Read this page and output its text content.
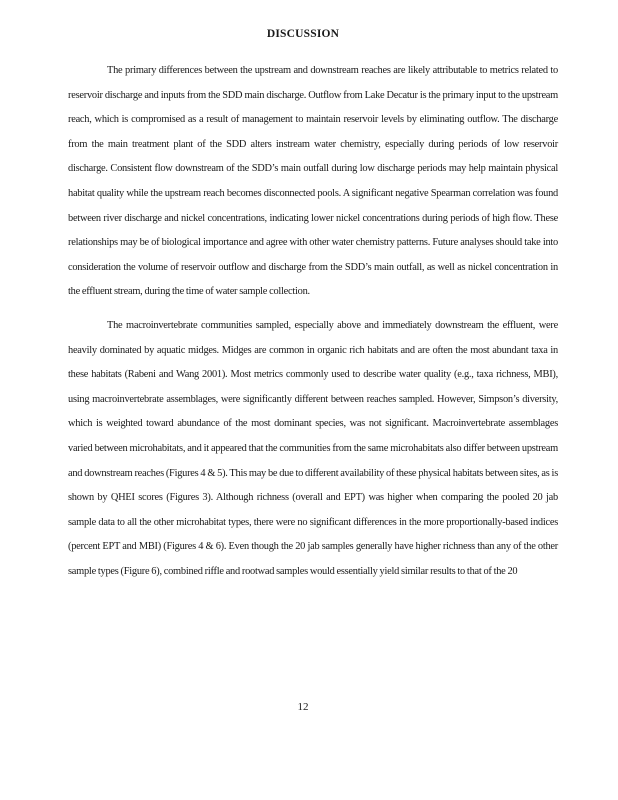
DISCUSSION

The primary differences between the upstream and downstream reaches are likely attributable to metrics related to reservoir discharge and inputs from the SDD main discharge. Outflow from Lake Decatur is the primary input to the upstream reach, which is compromised as a result of management to maintain reservoir levels by eliminating outflow. The discharge from the main treatment plant of the SDD alters instream water chemistry, especially during periods of low reservoir discharge. Consistent flow downstream of the SDD’s main outfall during low discharge periods may help maintain physical habitat quality while the upstream reach becomes disconnected pools. A significant negative Spearman correlation was found between river discharge and nickel concentrations, indicating lower nickel concentrations during periods of high flow. These relationships may be of biological importance and agree with other water chemistry patterns. Future analyses should take into consideration the volume of reservoir outflow and discharge from the SDD’s main outfall, as well as nickel concentration in the effluent stream, during the time of water sample collection.

The macroinvertebrate communities sampled, especially above and immediately downstream the effluent, were heavily dominated by aquatic midges. Midges are common in organic rich habitats and are often the most abundant taxa in these habitats (Rabeni and Wang 2001). Most metrics commonly used to describe water quality (e.g., taxa richness, MBI), using macroinvertebrate assemblages, were significantly different between reaches sampled. However, Simpson’s diversity, which is weighted toward abundance of the most dominant species, was not significant. Macroinvertebrate assemblages varied between microhabitats, and it appeared that the communities from the same microhabitats also differ between upstream and downstream reaches (Figures 4 & 5). This may be due to different availability of these physical habitats between sites, as is shown by QHEI scores (Figures 3). Although richness (overall and EPT) was higher when comparing the pooled 20 jab sample data to all the other microhabitat types, there were no significant differences in the more proportionally-based indices (percent EPT and MBI) (Figures 4 & 6). Even though the 20 jab samples generally have higher richness than any of the other sample types (Figure 6), combined riffle and rootwad samples would essentially yield similar results to that of the 20

12
